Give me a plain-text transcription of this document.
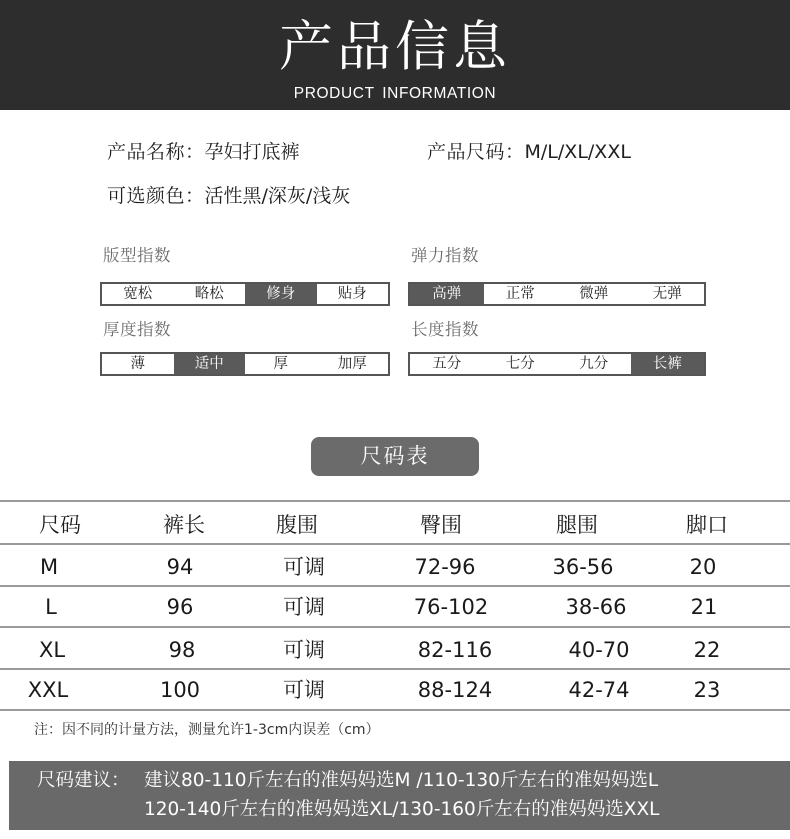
产品信息
PRODUCT INFORMATION
产品名称：孕妇打底裤	产品尺码：M/L/XL/XXL
可选颜色：活性黑/深灰/浅灰
版型指数
宽松	略松	修身	贴身
弹力指数
高弹	正常	微弹	无弹
厚度指数
薄	适中	厚	加厚
长度指数
五分	七分	九分	长裤
尺码表
尺码	裤长	腹围	臀围	腿围	脚口
M	94	可调	72-96	36-56	20
L	96	可调	76-102	38-66	21
XL	98	可调	82-116	40-70	22
XXL	100	可调	88-124	42-74	23
注：因不同的计量方法，测量允许1-3cm内误差（cm）
尺码建议： 建议80-110斤左右的准妈妈选M /110-130斤左右的准妈妈选L
120-140斤左右的准妈妈选XL/130-160斤左右的准妈妈选XXL
